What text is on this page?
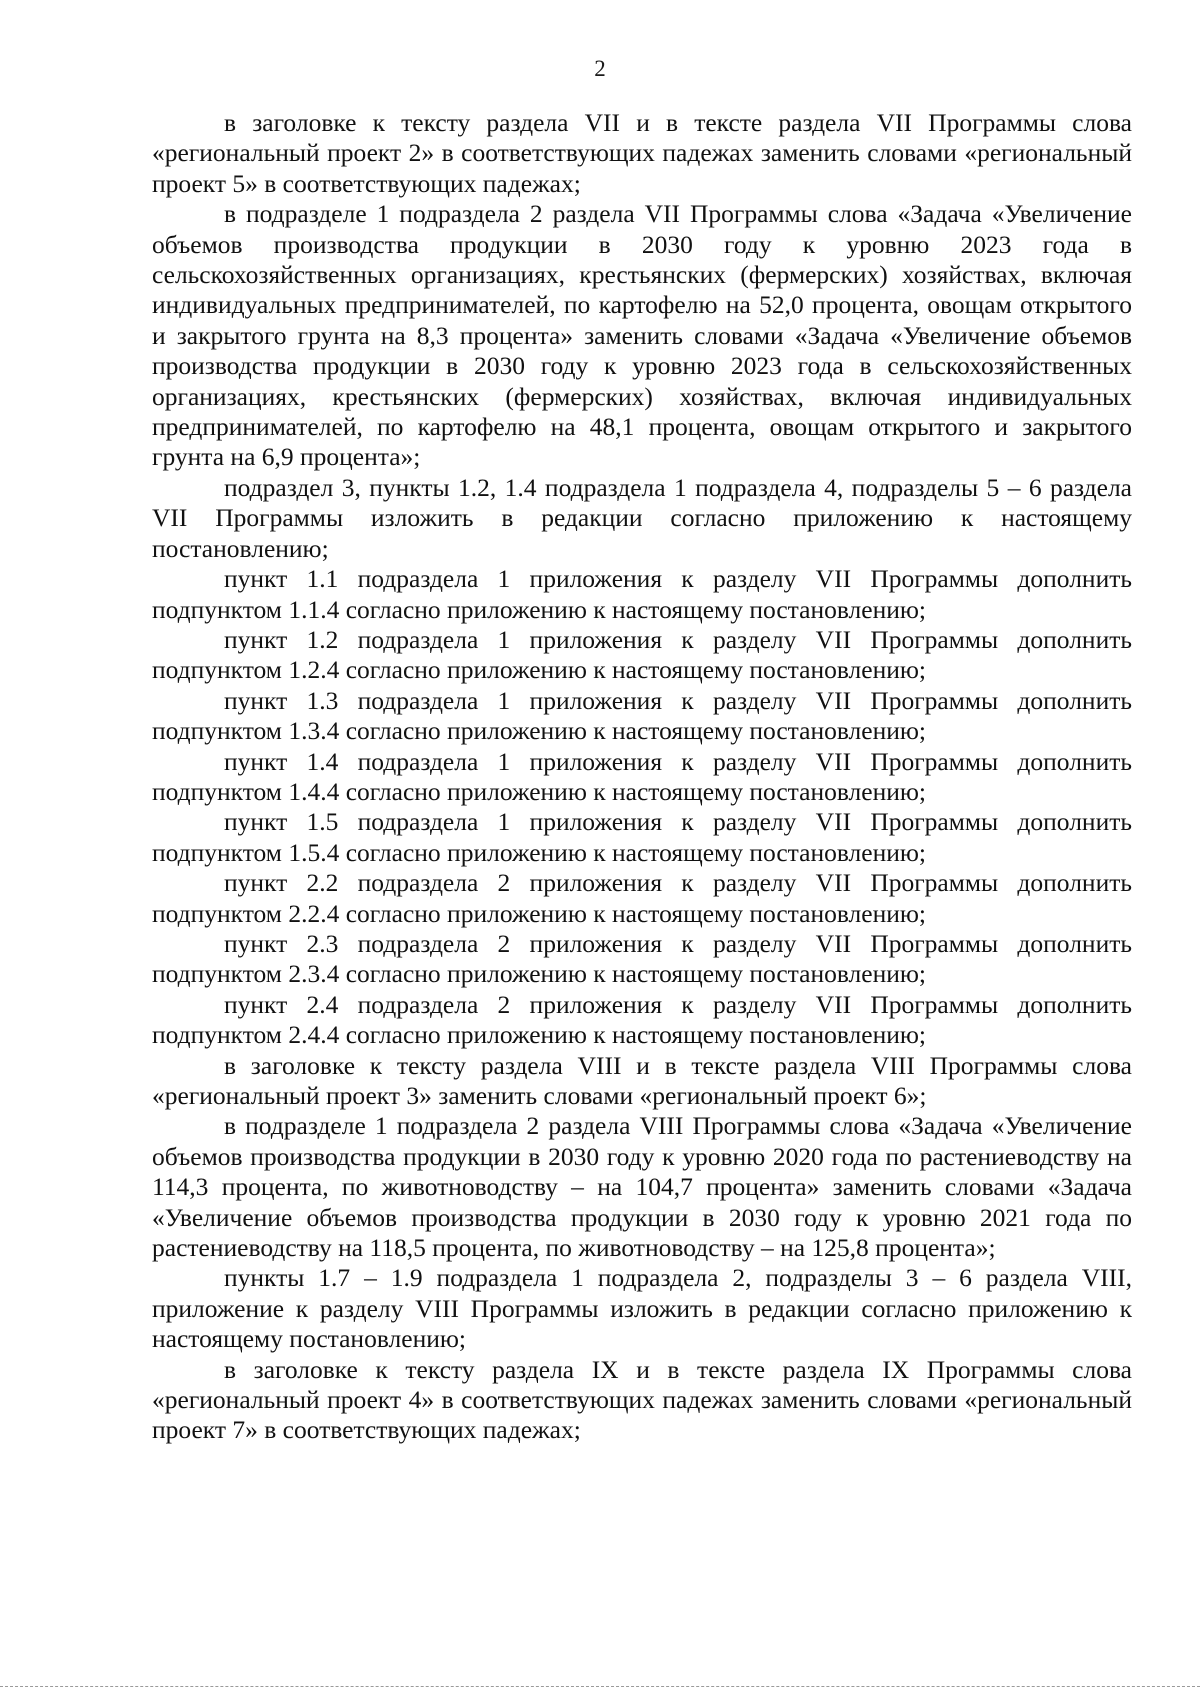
2

в заголовке к тексту раздела VII и в тексте раздела VII Программы слова «региональный проект 2» в соответствующих падежах заменить словами «региональный проект 5» в соответствующих падежах;

в подразделе 1 подраздела 2 раздела VII Программы слова «Задача «Увеличение объемов производства продукции в 2030 году к уровню 2023 года в сельскохозяйственных организациях, крестьянских (фермерских) хозяйствах, включая индивидуальных предпринимателей, по картофелю на 52,0 процента, овощам открытого и закрытого грунта на 8,3 процента» заменить словами «Задача «Увеличение объемов производства продукции в 2030 году к уровню 2023 года в сельскохозяйственных организациях, крестьянских (фермерских) хозяйствах, включая индивидуальных предпринимателей, по картофелю на 48,1 процента, овощам открытого и закрытого грунта на 6,9 процента»;

подраздел 3, пункты 1.2, 1.4 подраздела 1 подраздела 4, подразделы 5 – 6 раздела VII Программы изложить в редакции согласно приложению к настоящему постановлению;

пункт 1.1 подраздела 1 приложения к разделу VII Программы дополнить подпунктом 1.1.4 согласно приложению к настоящему постановлению;

пункт 1.2 подраздела 1 приложения к разделу VII Программы дополнить подпунктом 1.2.4 согласно приложению к настоящему постановлению;

пункт 1.3 подраздела 1 приложения к разделу VII Программы дополнить подпунктом 1.3.4 согласно приложению к настоящему постановлению;

пункт 1.4 подраздела 1 приложения к разделу VII Программы дополнить подпунктом 1.4.4 согласно приложению к настоящему постановлению;

пункт 1.5 подраздела 1 приложения к разделу VII Программы дополнить подпунктом 1.5.4 согласно приложению к настоящему постановлению;

пункт 2.2 подраздела 2 приложения к разделу VII Программы дополнить подпунктом 2.2.4 согласно приложению к настоящему постановлению;

пункт 2.3 подраздела 2 приложения к разделу VII Программы дополнить подпунктом 2.3.4 согласно приложению к настоящему постановлению;

пункт 2.4 подраздела 2 приложения к разделу VII Программы дополнить подпунктом 2.4.4 согласно приложению к настоящему постановлению;

в заголовке к тексту раздела VIII и в тексте раздела VIII Программы слова «региональный проект 3» заменить словами «региональный проект 6»;

в подразделе 1 подраздела 2 раздела VIII Программы слова «Задача «Увеличение объемов производства продукции в 2030 году к уровню 2020 года по растениеводству на 114,3 процента, по животноводству – на 104,7 процента» заменить словами «Задача «Увеличение объемов производства продукции в 2030 году к уровню 2021 года по растениеводству на 118,5 процента, по животноводству – на 125,8 процента»;

пункты 1.7 – 1.9 подраздела 1 подраздела 2, подразделы 3 – 6 раздела VIII, приложение к разделу VIII Программы изложить в редакции согласно приложению к настоящему постановлению;

в заголовке к тексту раздела IX и в тексте раздела IX Программы слова «региональный проект 4» в соответствующих падежах заменить словами «региональный проект 7» в соответствующих падежах;
